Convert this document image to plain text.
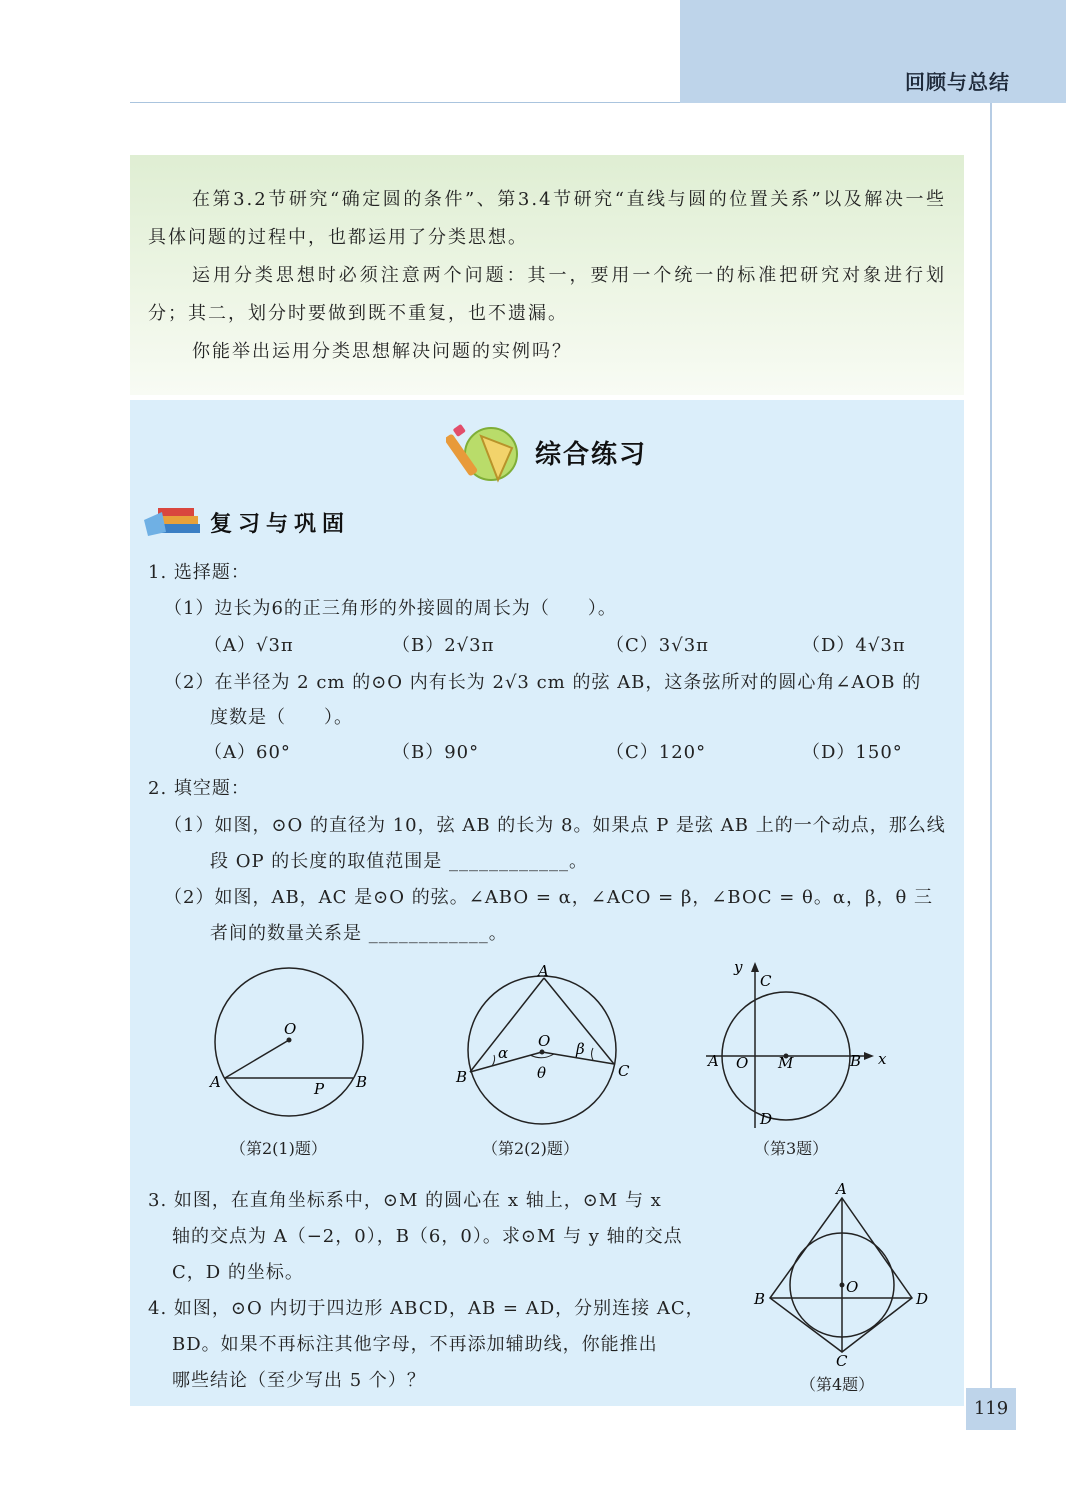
回顾与总结

在第3.2节研究“确定圆的条件”、第3.4节研究“直线与圆的位置关系”以及解决一些具体问题的过程中，也都运用了分类思想。

运用分类思想时必须注意两个问题：其一，要用一个统一的标准把研究对象进行划分；其二，划分时要做到既不重复，也不遗漏。

你能举出运用分类思想解决问题的实例吗？

综合练习
复习与巩固
1. 选择题：
（1）边长为6的正三角形的外接圆的周长为（　　）。
（A）√3π	（B）2√3π	（C）3√3π	（D）4√3π
（2）在半径为 2 cm 的⊙O 内有长为 2√3 cm 的弦 AB，这条弦所对的圆心角∠AOB 的
度数是（　　）。
（A）60°	（B）90°	（C）120°	（D）150°
2. 填空题：
（1）如图，⊙O 的直径为 10，弦 AB 的长为 8。如果点 P 是弦 AB 上的一个动点，那么线
段 OP 的长度的取值范围是 ____________。
（2）如图，AB，AC 是⊙O 的弦。∠ABO = α，∠ACO = β，∠BOC = θ。α，β，θ 三
者间的数量关系是 ____________。
O
A	B
P
（第2(1)题）
A
B	C
O
α	β
θ
（第2(2)题）
y
C
A O M	B x
D
（第3题）
3. 如图，在直角坐标系中，⊙M 的圆心在 x 轴上，⊙M 与 x
轴的交点为 A（−2，0），B（6，0）。求⊙M 与 y 轴的交点
C，D 的坐标。
4. 如图，⊙O 内切于四边形 ABCD，AB = AD，分别连接 AC，
BD。如果不再标注其他字母，不再添加辅助线，你能推出
哪些结论（至少写出 5 个）？
A
B
C
D
O
（第4题）
119
